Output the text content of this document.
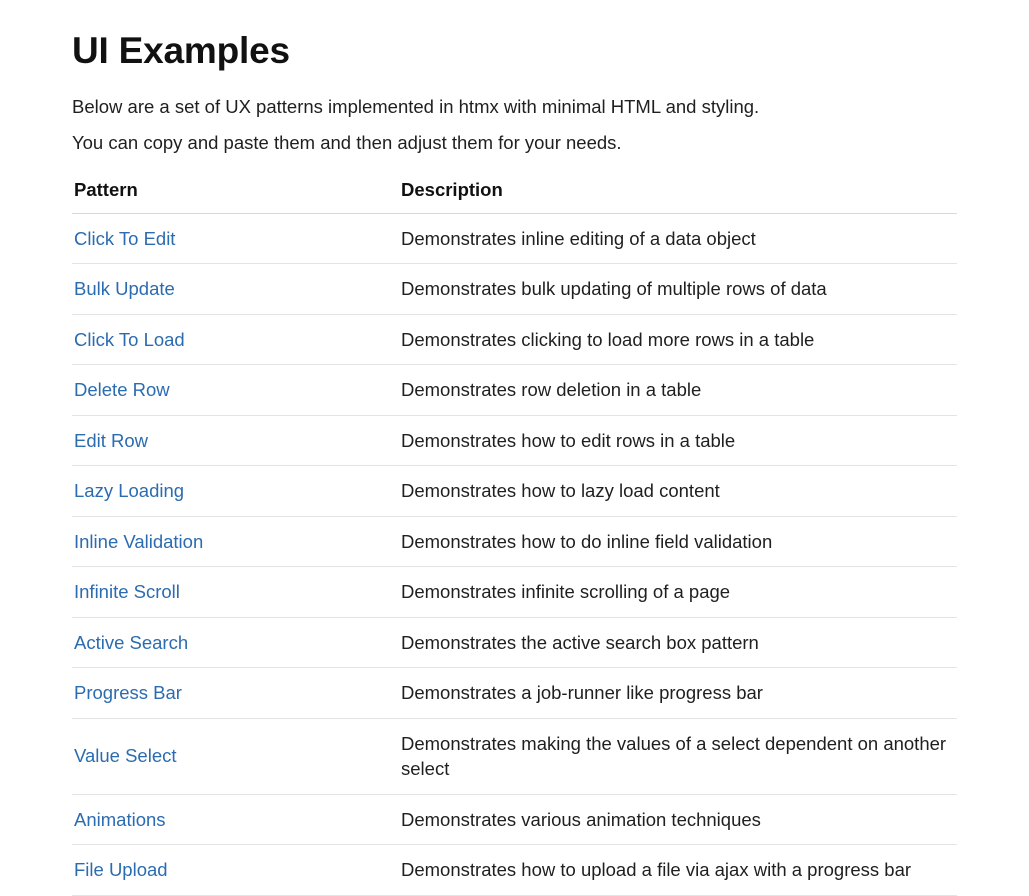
UI Examples

Below are a set of UX patterns implemented in htmx with minimal HTML and styling.

You can copy and paste them and then adjust them for your needs.

Pattern	Description
Click To Edit	Demonstrates inline editing of a data object
Bulk Update	Demonstrates bulk updating of multiple rows of data
Click To Load	Demonstrates clicking to load more rows in a table
Delete Row	Demonstrates row deletion in a table
Edit Row	Demonstrates how to edit rows in a table
Lazy Loading	Demonstrates how to lazy load content
Inline Validation	Demonstrates how to do inline field validation
Infinite Scroll	Demonstrates infinite scrolling of a page
Active Search	Demonstrates the active search box pattern
Progress Bar	Demonstrates a job-runner like progress bar
Value Select	Demonstrates making the values of a select dependent on another select
Animations	Demonstrates various animation techniques
File Upload	Demonstrates how to upload a file via ajax with a progress bar
